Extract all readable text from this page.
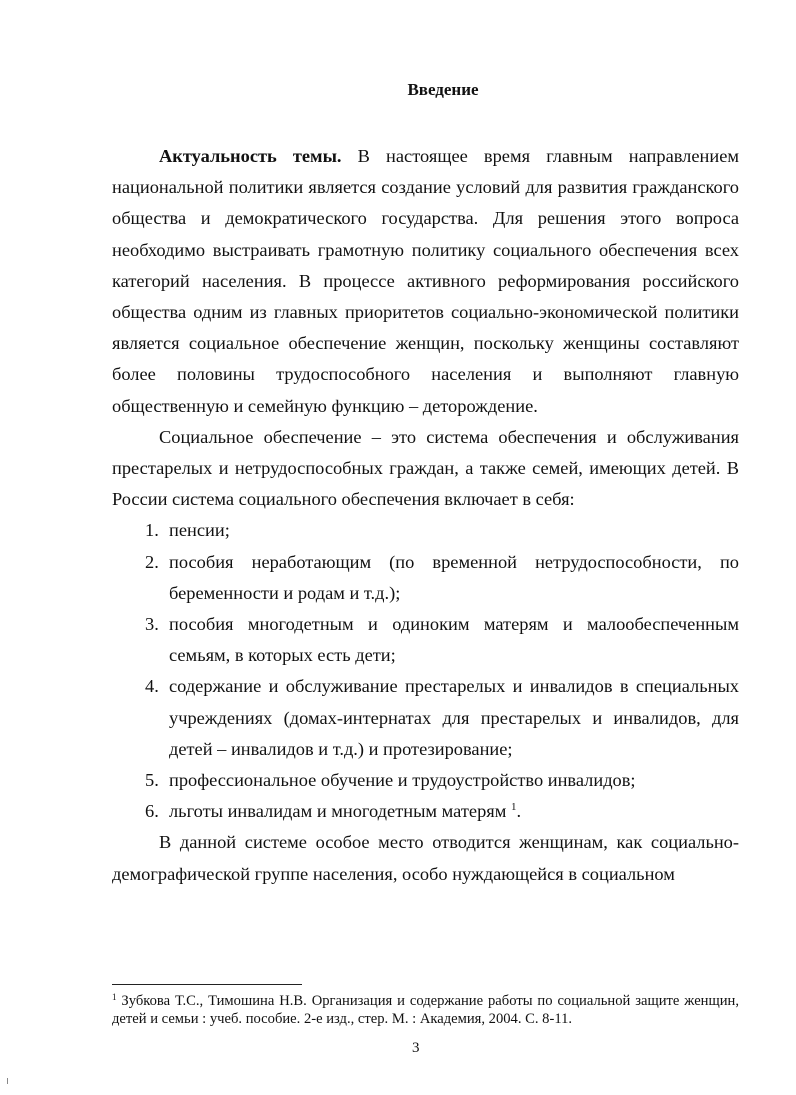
Введение

Актуальность темы. В настоящее время главным направлением национальной политики является создание условий для развития гражданского общества и демократического государства. Для решения этого вопроса необходимо выстраивать грамотную политику социального обеспечения всех категорий населения. В процессе активного реформирования российского общества одним из главных приоритетов социально-экономической политики является социальное обеспечение женщин, поскольку женщины составляют более половины трудоспособного населения и выполняют главную общественную и семейную функцию – деторождение.

Социальное обеспечение – это система обеспечения и обслуживания престарелых и нетрудоспособных граждан, а также семей, имеющих детей. В России система социального обеспечения включает в себя:

1. пенсии;
2. пособия неработающим (по временной нетрудоспособности, по беременности и родам и т.д.);
3. пособия многодетным и одиноким матерям и малообеспеченным семьям, в которых есть дети;
4. содержание и обслуживание престарелых и инвалидов в специальных учреждениях (домах-интернатах для престарелых и инвалидов, для детей – инвалидов и т.д.) и протезирование;
5. профессиональное обучение и трудоустройство инвалидов;
6. льготы инвалидам и многодетным матерям $^1$.

В данной системе особое место отводится женщинам, как социально-демографической группе населения, особо нуждающейся в социальном

$^1$ Зубкова Т.С., Тимошина Н.В. Организация и содержание работы по социальной защите женщин, детей и семьи : учеб. пособие. 2-е изд., стер. М. : Академия, 2004. С. 8-11.
3
